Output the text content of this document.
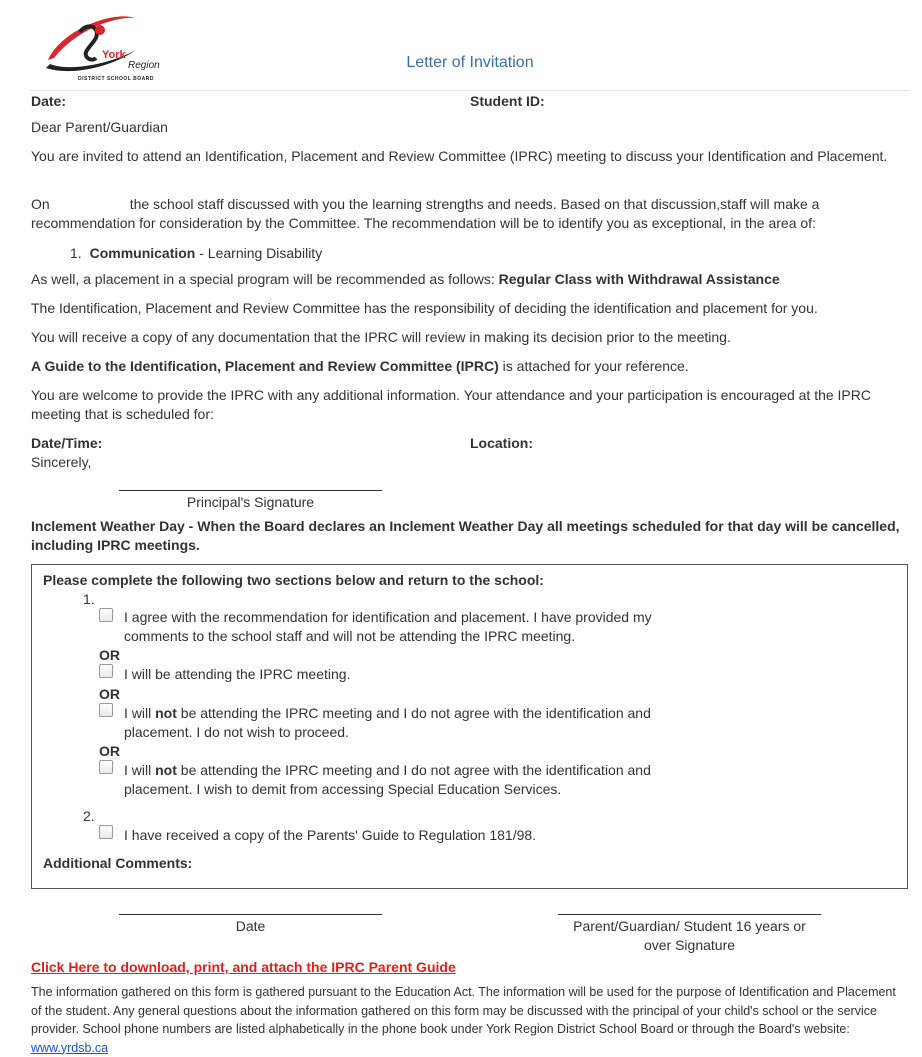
York
Region
DISTRICT SCHOOL BOARD
Letter of Invitation
Date:	Student ID:
Dear Parent/Guardian
You are invited to attend an Identification, Placement and Review Committee (IPRC) meeting to discuss your Identification and Placement.
On	the school staff discussed with you the learning strengths and needs. Based on that discussion,staff will make a recommendation for consideration by the Committee. The recommendation will be to identify you as exceptional, in the area of:
1. Communication - Learning Disability
As well, a placement in a special program will be recommended as follows: Regular Class with Withdrawal Assistance
The Identification, Placement and Review Committee has the responsibility of deciding the identification and placement for you.
You will receive a copy of any documentation that the IPRC will review in making its decision prior to the meeting.
A Guide to the Identification, Placement and Review Committee (IPRC) is attached for your reference.
You are welcome to provide the IPRC with any additional information. Your attendance and your participation is encouraged at the IPRC meeting that is scheduled for:
Date/Time:	Location:
Sincerely,
Principal's Signature
Inclement Weather Day - When the Board declares an Inclement Weather Day all meetings scheduled for that day will be cancelled, including IPRC meetings.
Please complete the following two sections below and return to the school:
1.
I agree with the recommendation for identification and placement. I have provided my
comments to the school staff and will not be attending the IPRC meeting.
OR
I will be attending the IPRC meeting.
OR
I will not be attending the IPRC meeting and I do not agree with the identification and
placement. I do not wish to proceed.
OR
I will not be attending the IPRC meeting and I do not agree with the identification and
placement. I wish to demit from accessing Special Education Services.
2.
I have received a copy of the Parents' Guide to Regulation 181/98.
Additional Comments:
Date	Parent/Guardian/ Student 16 years or
over Signature
Click Here to download, print, and attach the IPRC Parent Guide
The information gathered on this form is gathered pursuant to the Education Act. The information will be used for the purpose of Identification and Placement of the student. Any general questions about the information gathered on this form may be discussed with the principal of your child's school or the service provider. School phone numbers are listed alphabetically in the phone book under York Region District School Board or through the Board's website: www.yrdsb.ca
